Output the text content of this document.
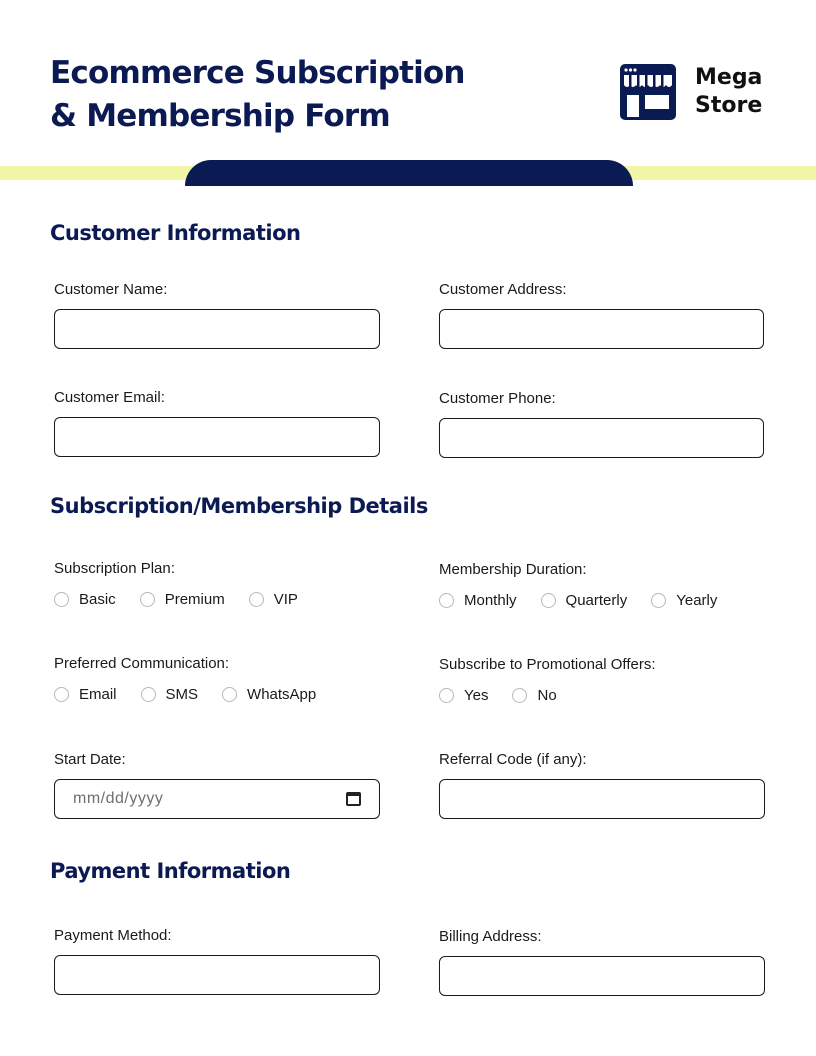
Ecommerce Subscription
& Membership Form
Mega
Store
Customer Information
Customer Name:	Customer Address:
Customer Email:	Customer Phone:
Subscription/Membership Details
Subscription Plan:
Basic	Premium	VIP
Membership Duration:
Monthly	Quarterly	Yearly
Preferred Communication:
Email	SMS	WhatsApp
Subscribe to Promotional Offers:
Yes	No
Start Date:
mm/dd/yyyy
Referral Code (if any):
Payment Information
Payment Method:	Billing Address:
